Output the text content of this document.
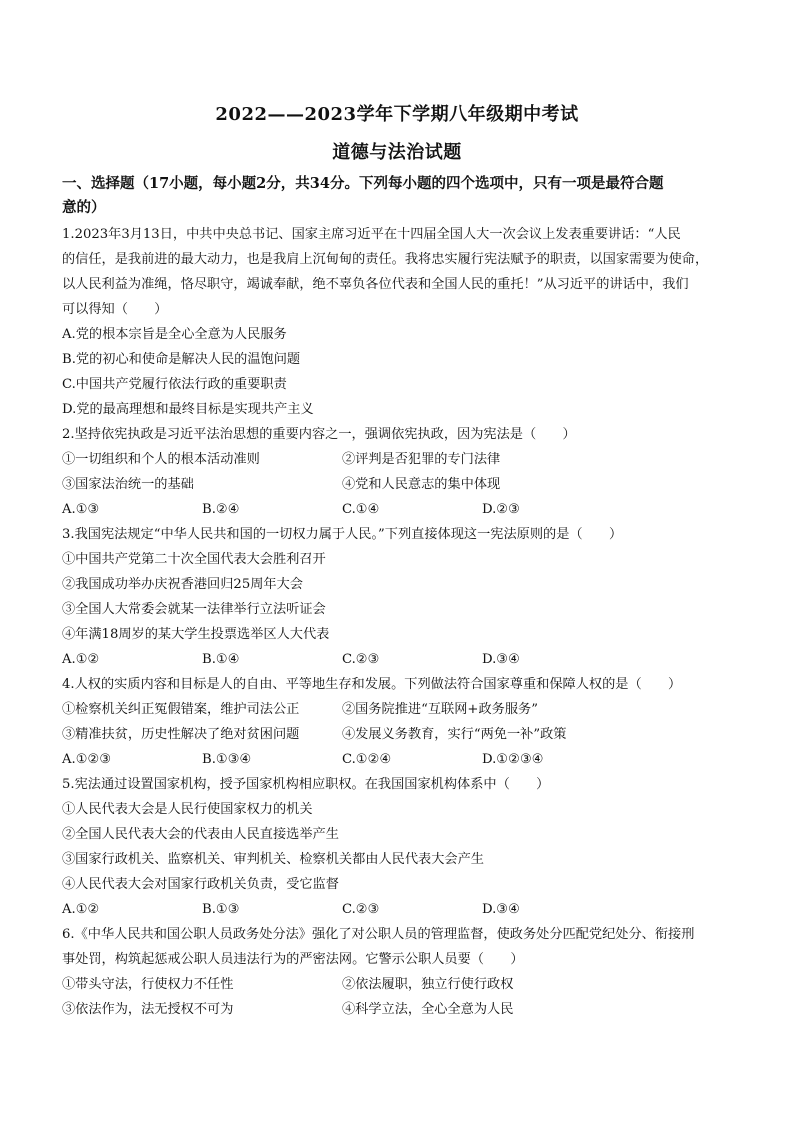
2022——2023学年下学期八年级期中考试
道德与法治试题
一、选择题（17小题，每小题2分，共34分。下列每小题的四个选项中，只有一项是最符合题
意的）
1.2023年3月13日，中共中央总书记、国家主席习近平在十四届全国人大一次会议上发表重要讲话：“人民
的信任，是我前进的最大动力，也是我肩上沉甸甸的责任。我将忠实履行宪法赋予的职责，以国家需要为使命，
以人民利益为准绳，恪尽职守，竭诚奉献，绝不辜负各位代表和全国人民的重托！”从习近平的讲话中，我们
可以得知（　　）
A.党的根本宗旨是全心全意为人民服务
B.党的初心和使命是解决人民的温饱问题
C.中国共产党履行依法行政的重要职责
D.党的最高理想和最终目标是实现共产主义
2.坚持依宪执政是习近平法治思想的重要内容之一，强调依宪执政，因为宪法是（　　）
①一切组织和个人的根本活动准则	②评判是否犯罪的专门法律
③国家法治统一的基础	④党和人民意志的集中体现
A.①③	B.②④	C.①④	D.②③
3.我国宪法规定“中华人民共和国的一切权力属于人民。”下列直接体现这一宪法原则的是（　　）
①中国共产党第二十次全国代表大会胜利召开
②我国成功举办庆祝香港回归25周年大会
③全国人大常委会就某一法律举行立法听证会
④年满18周岁的某大学生投票选举区人大代表
A.①②	B.①④	C.②③	D.③④
4.人权的实质内容和目标是人的自由、平等地生存和发展。下列做法符合国家尊重和保障人权的是（　　）
①检察机关纠正冤假错案，维护司法公正	②国务院推进“互联网+政务服务”
③精准扶贫，历史性解决了绝对贫困问题	④发展义务教育，实行“两免一补”政策
A.①②③	B.①③④	C.①②④	D.①②③④
5.宪法通过设置国家机构，授予国家机构相应职权。在我国国家机构体系中（　　）
①人民代表大会是人民行使国家权力的机关
②全国人民代表大会的代表由人民直接选举产生
③国家行政机关、监察机关、审判机关、检察机关都由人民代表大会产生
④人民代表大会对国家行政机关负责，受它监督
A.①②	B.①③	C.②③	D.③④
6.《中华人民共和国公职人员政务处分法》强化了对公职人员的管理监督，使政务处分匹配党纪处分、衔接刑
事处罚，构筑起惩戒公职人员违法行为的严密法网。它警示公职人员要（　　）
①带头守法，行使权力不任性	②依法履职，独立行使行政权
③依法作为，法无授权不可为	④科学立法，全心全意为人民
